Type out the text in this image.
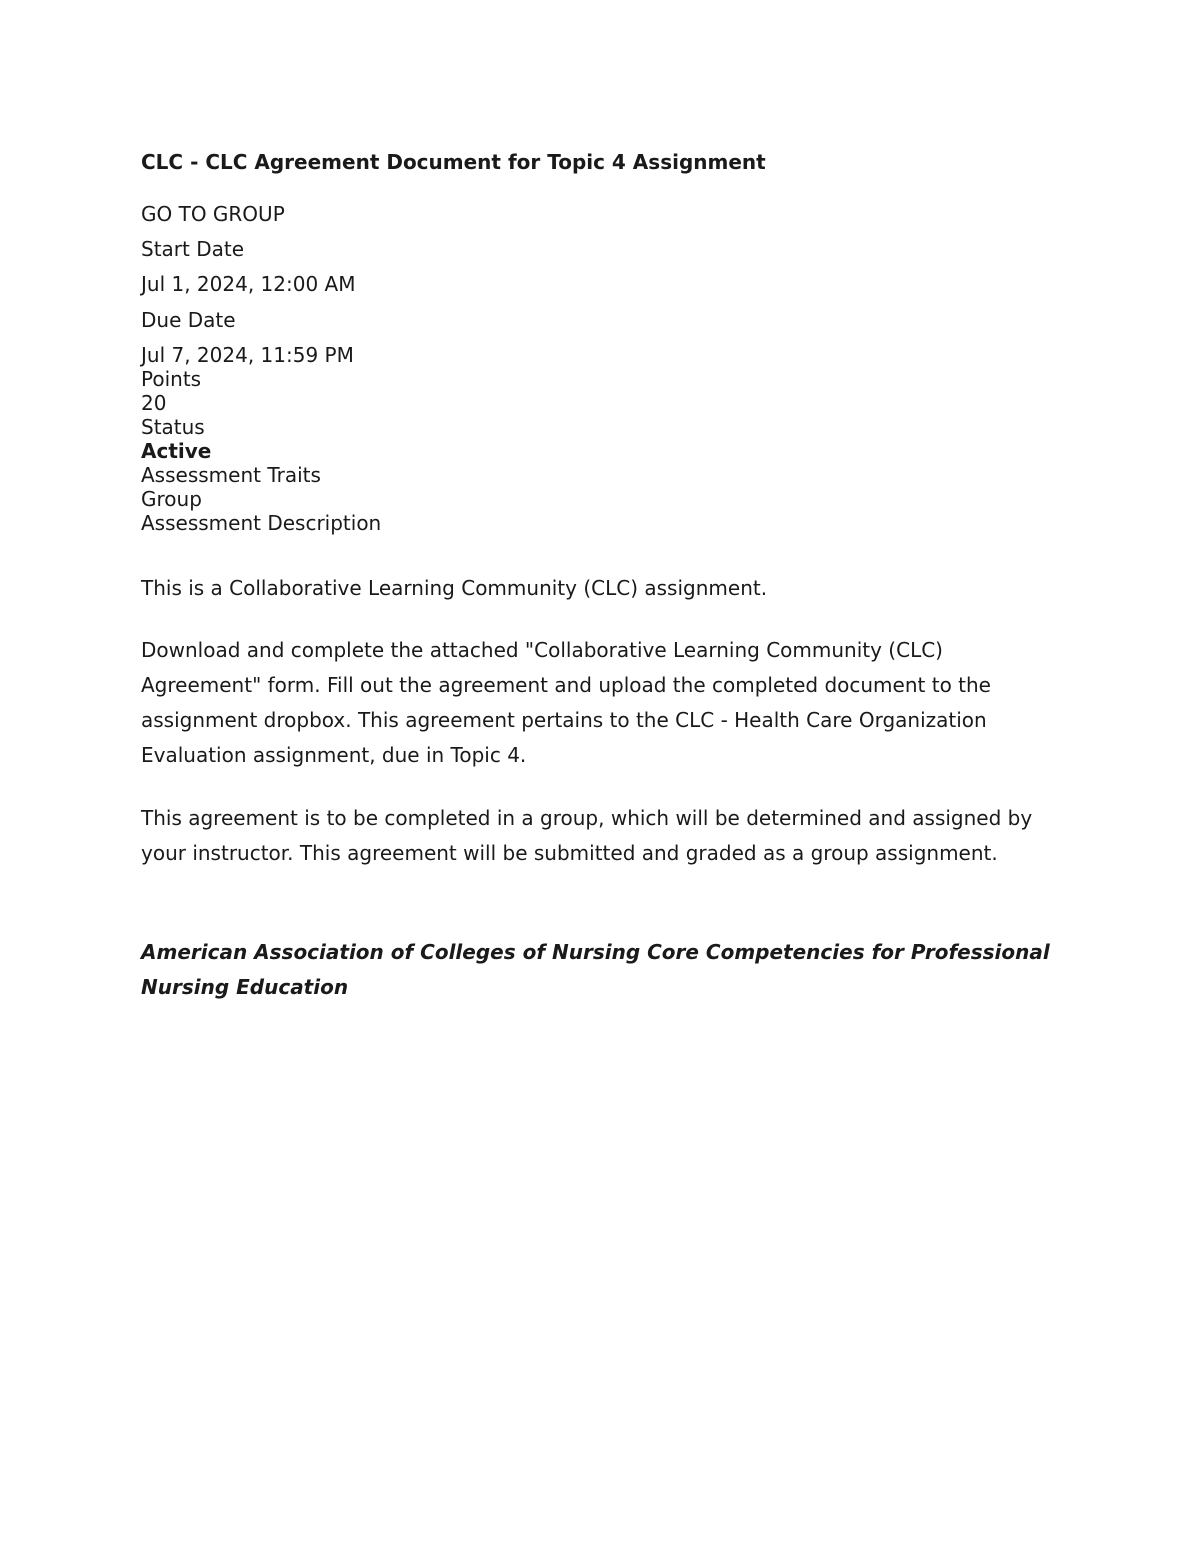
CLC - CLC Agreement Document for Topic 4 Assignment
GO TO GROUP
Start Date
Jul 1, 2024, 12:00 AM
Due Date
Jul 7, 2024, 11:59 PM
Points
20
Status
Active
Assessment Traits
Group
Assessment Description

This is a Collaborative Learning Community (CLC) assignment.

Download and complete the attached "Collaborative Learning Community (CLC) Agreement" form. Fill out the agreement and upload the completed document to the assignment dropbox. This agreement pertains to the CLC - Health Care Organization Evaluation assignment, due in Topic 4.

This agreement is to be completed in a group, which will be determined and assigned by your instructor. This agreement will be submitted and graded as a group assignment.

American Association of Colleges of Nursing Core Competencies for Professional Nursing Education
